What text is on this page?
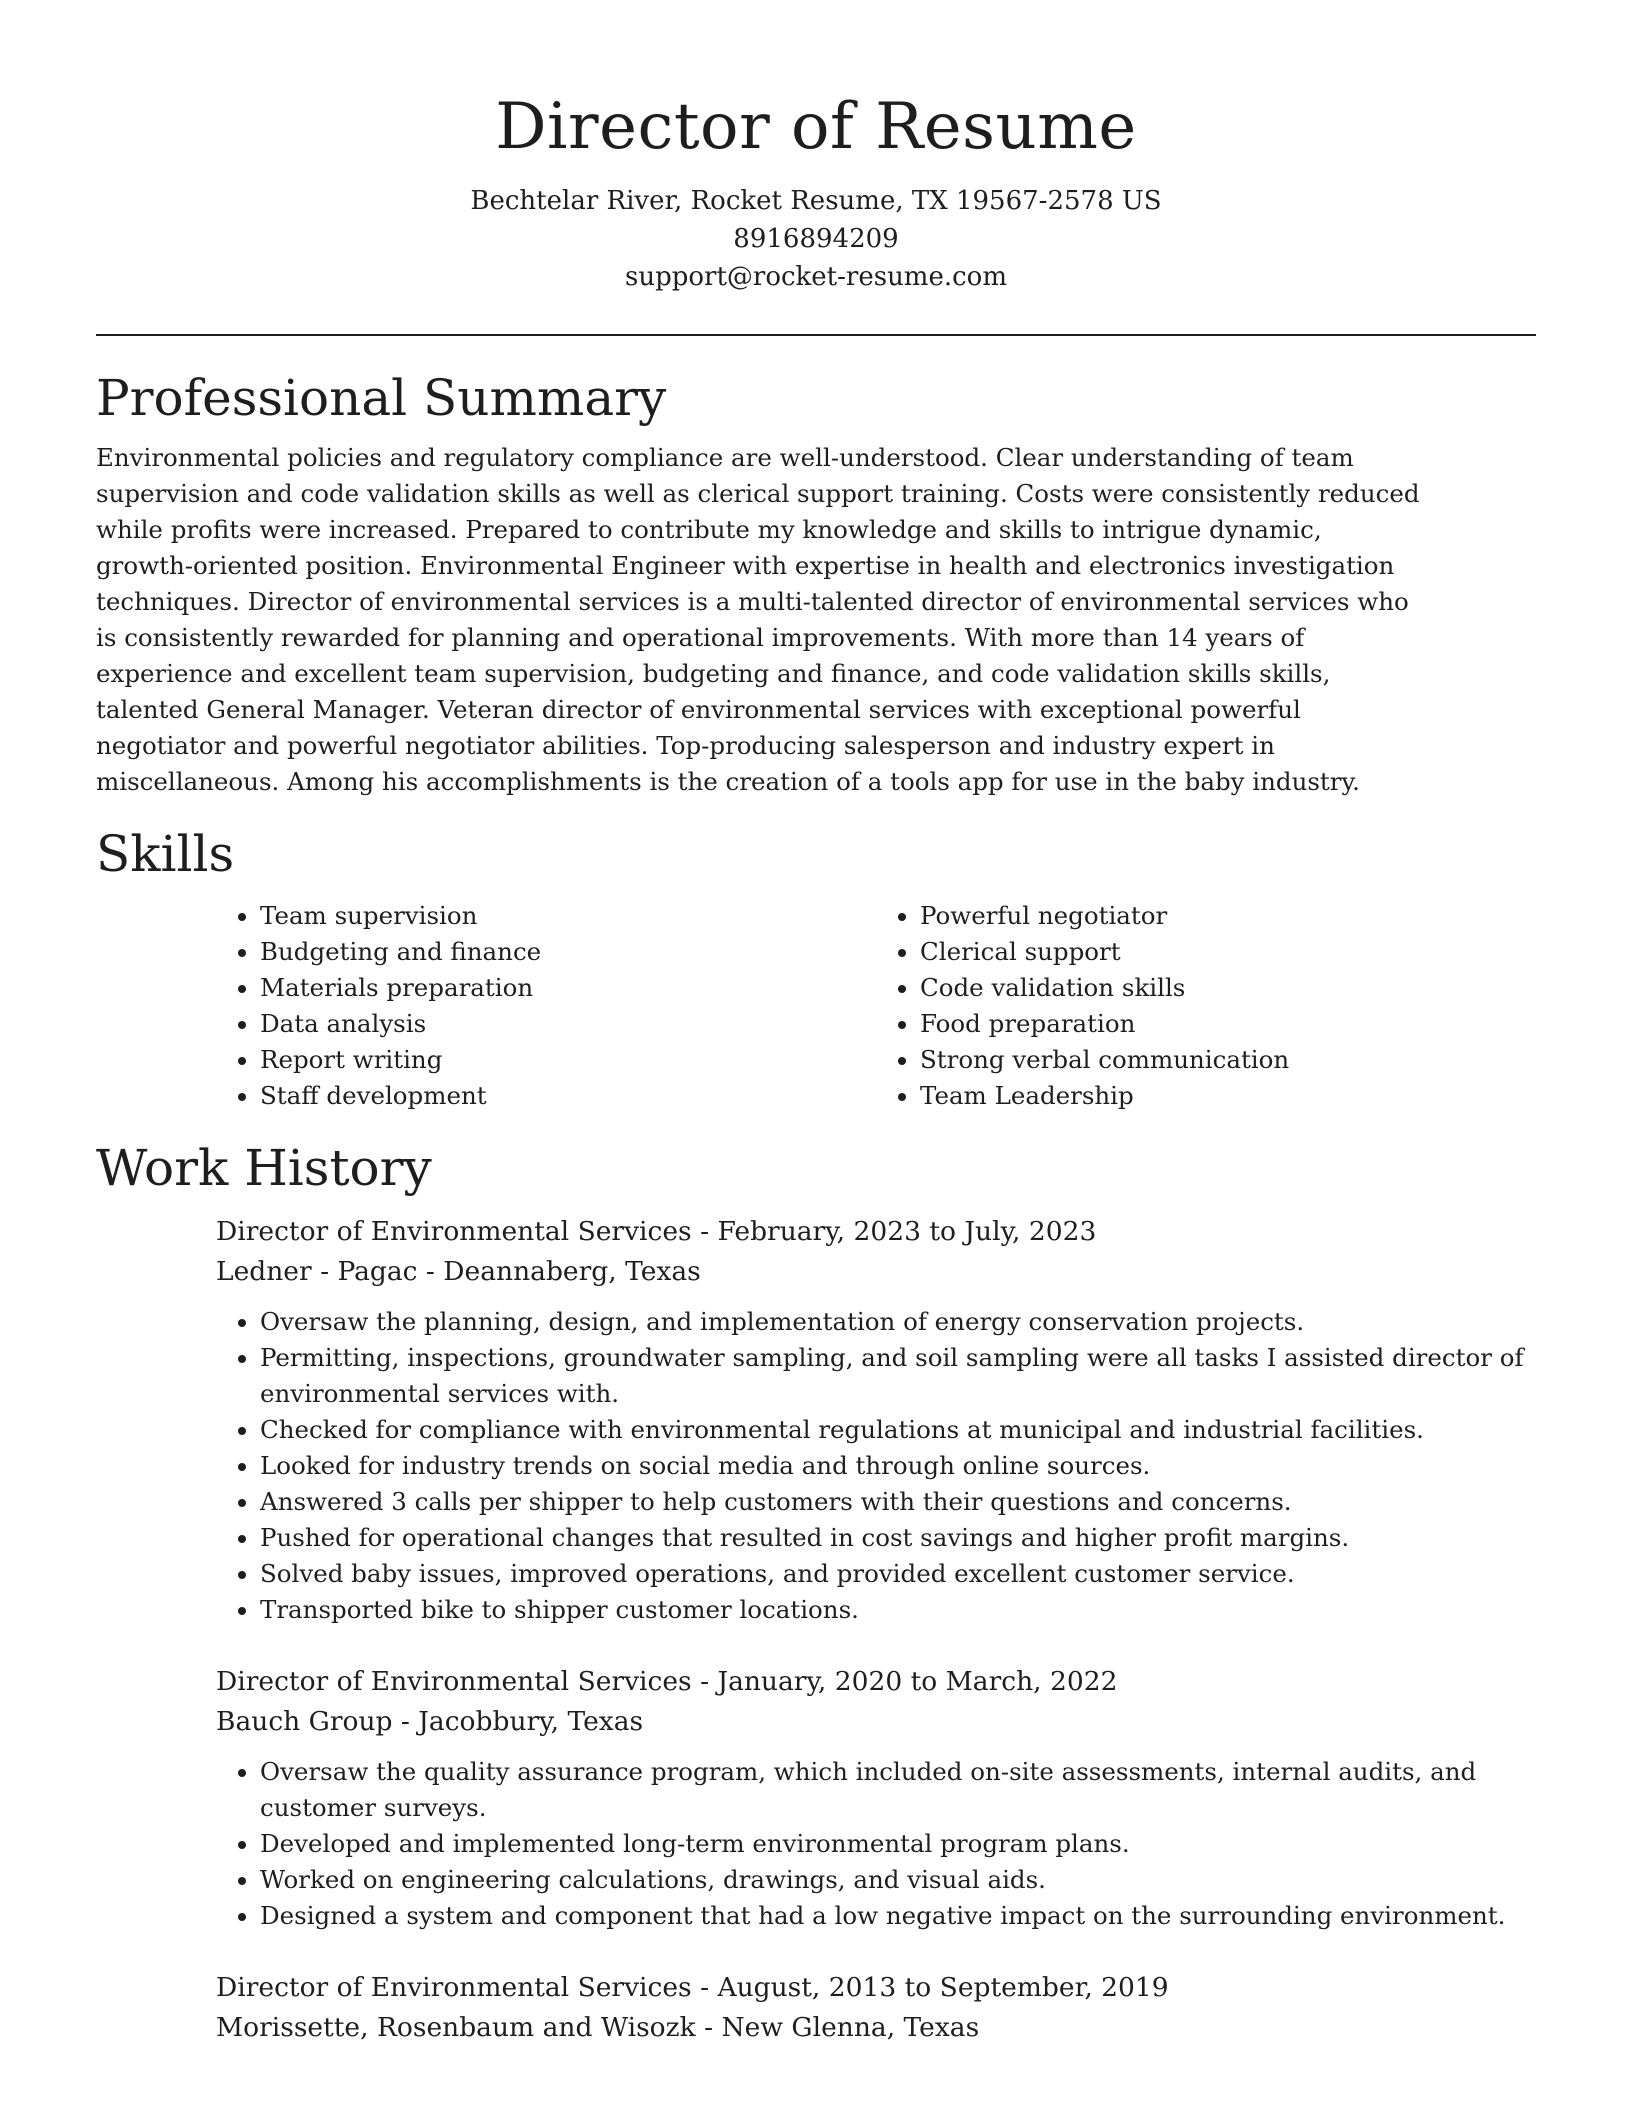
Director of Resume

Bechtelar River, Rocket Resume, TX 19567-2578 US

8916894209

support@rocket-resume.com

Professional Summary

Environmental policies and regulatory compliance are well-understood. Clear understanding of team supervision and code validation skills as well as clerical support training. Costs were consistently reduced while profits were increased. Prepared to contribute my knowledge and skills to intrigue dynamic, growth-oriented position. Environmental Engineer with expertise in health and electronics investigation techniques. Director of environmental services is a multi-talented director of environmental services who is consistently rewarded for planning and operational improvements. With more than 14 years of experience and excellent team supervision, budgeting and finance, and code validation skills skills, talented General Manager. Veteran director of environmental services with exceptional powerful negotiator and powerful negotiator abilities. Top-producing salesperson and industry expert in miscellaneous. Among his accomplishments is the creation of a tools app for use in the baby industry.

Skills
• Team supervision
• Budgeting and finance
• Materials preparation
• Data analysis
• Report writing
• Staff development
• Powerful negotiator
• Clerical support
• Code validation skills
• Food preparation
• Strong verbal communication
• Team Leadership
Work History

Director of Environmental Services - February, 2023 to July, 2023

Ledner - Pagac - Deannaberg, Texas

• Oversaw the planning, design, and implementation of energy conservation projects.
• Permitting, inspections, groundwater sampling, and soil sampling were all tasks I assisted director of environmental services with.
• Checked for compliance with environmental regulations at municipal and industrial facilities.
• Looked for industry trends on social media and through online sources.
• Answered 3 calls per shipper to help customers with their questions and concerns.
• Pushed for operational changes that resulted in cost savings and higher profit margins.
• Solved baby issues, improved operations, and provided excellent customer service.
• Transported bike to shipper customer locations.

Director of Environmental Services - January, 2020 to March, 2022

Bauch Group - Jacobbury, Texas

• Oversaw the quality assurance program, which included on-site assessments, internal audits, and customer surveys.
• Developed and implemented long-term environmental program plans.
• Worked on engineering calculations, drawings, and visual aids.
• Designed a system and component that had a low negative impact on the surrounding environment.

Director of Environmental Services - August, 2013 to September, 2019

Morissette, Rosenbaum and Wisozk - New Glenna, Texas
